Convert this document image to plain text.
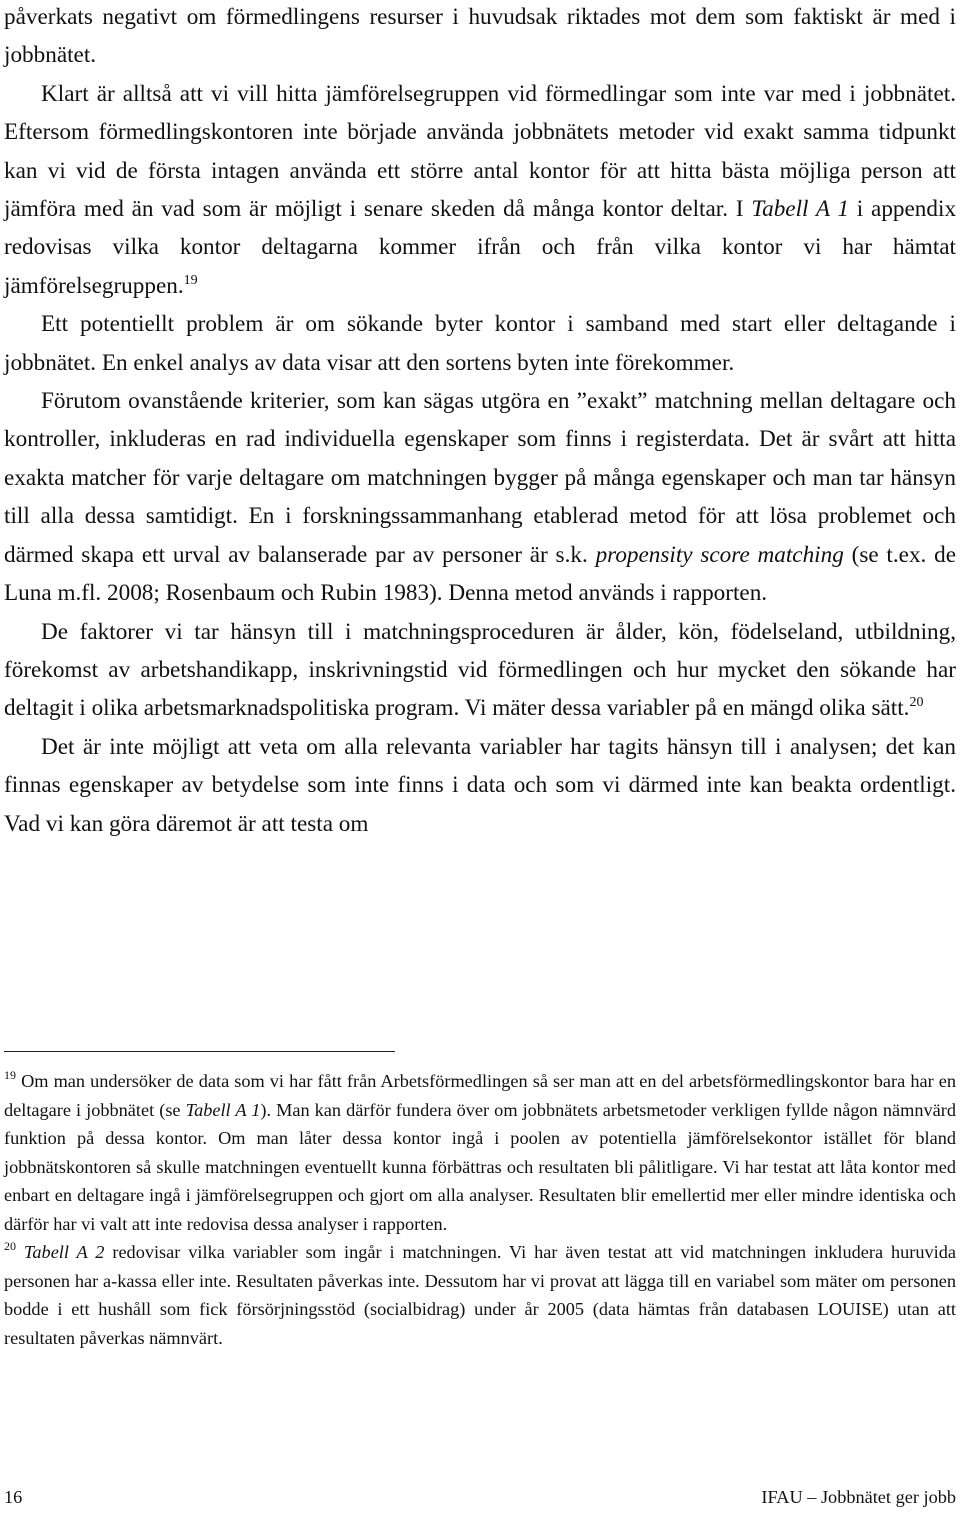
påverkats negativt om förmedlingens resurser i huvudsak riktades mot dem som faktiskt är med i jobbnätet.

Klart är alltså att vi vill hitta jämförelsegruppen vid förmedlingar som inte var med i jobbnätet. Eftersom förmedlingskontoren inte började använda jobbnätets metoder vid exakt samma tidpunkt kan vi vid de första intagen använda ett större antal kontor för att hitta bästa möjliga person att jämföra med än vad som är möjligt i senare skeden då många kontor deltar. I Tabell A 1 i appendix redovisas vilka kontor deltagarna kommer ifrån och från vilka kontor vi har hämtat jämförelsegruppen.$^{19}$

Ett potentiellt problem är om sökande byter kontor i samband med start eller deltagande i jobbnätet. En enkel analys av data visar att den sortens byten inte förekommer.

Förutom ovanstående kriterier, som kan sägas utgöra en ”exakt” matchning mellan deltagare och kontroller, inkluderas en rad individuella egenskaper som finns i registerdata. Det är svårt att hitta exakta matcher för varje deltagare om matchningen bygger på många egenskaper och man tar hänsyn till alla dessa samtidigt. En i forskningssammanhang etablerad metod för att lösa problemet och därmed skapa ett urval av balanserade par av personer är s.k. propensity score matching (se t.ex. de Luna m.fl. 2008; Rosenbaum och Rubin 1983). Denna metod används i rapporten.

De faktorer vi tar hänsyn till i matchningsproceduren är ålder, kön, födelseland, utbildning, förekomst av arbetshandikapp, inskrivningstid vid förmedlingen och hur mycket den sökande har deltagit i olika arbetsmarknadspolitiska program. Vi mäter dessa variabler på en mängd olika sätt.$^{20}$

Det är inte möjligt att veta om alla relevanta variabler har tagits hänsyn till i analysen; det kan finnas egenskaper av betydelse som inte finns i data och som vi därmed inte kan beakta ordentligt. Vad vi kan göra däremot är att testa om

$^{19}$ Om man undersöker de data som vi har fått från Arbetsförmedlingen så ser man att en del arbetsförmedlingskontor bara har en deltagare i jobbnätet (se Tabell A 1). Man kan därför fundera över om jobbnätets arbetsmetoder verkligen fyllde någon nämnvärd funktion på dessa kontor. Om man låter dessa kontor ingå i poolen av potentiella jämförelsekontor istället för bland jobbnätskontoren så skulle matchningen eventuellt kunna förbättras och resultaten bli pålitligare. Vi har testat att låta kontor med enbart en deltagare ingå i jämförelsegruppen och gjort om alla analyser. Resultaten blir emellertid mer eller mindre identiska och därför har vi valt att inte redovisa dessa analyser i rapporten.

$^{20}$ Tabell A 2 redovisar vilka variabler som ingår i matchningen. Vi har även testat att vid matchningen inkludera huruvida personen har a-kassa eller inte. Resultaten påverkas inte. Dessutom har vi provat att lägga till en variabel som mäter om personen bodde i ett hushåll som fick försörjningsstöd (socialbidrag) under år 2005 (data hämtas från databasen LOUISE) utan att resultaten påverkas nämnvärt.

16	IFAU – Jobbnätet ger jobb
